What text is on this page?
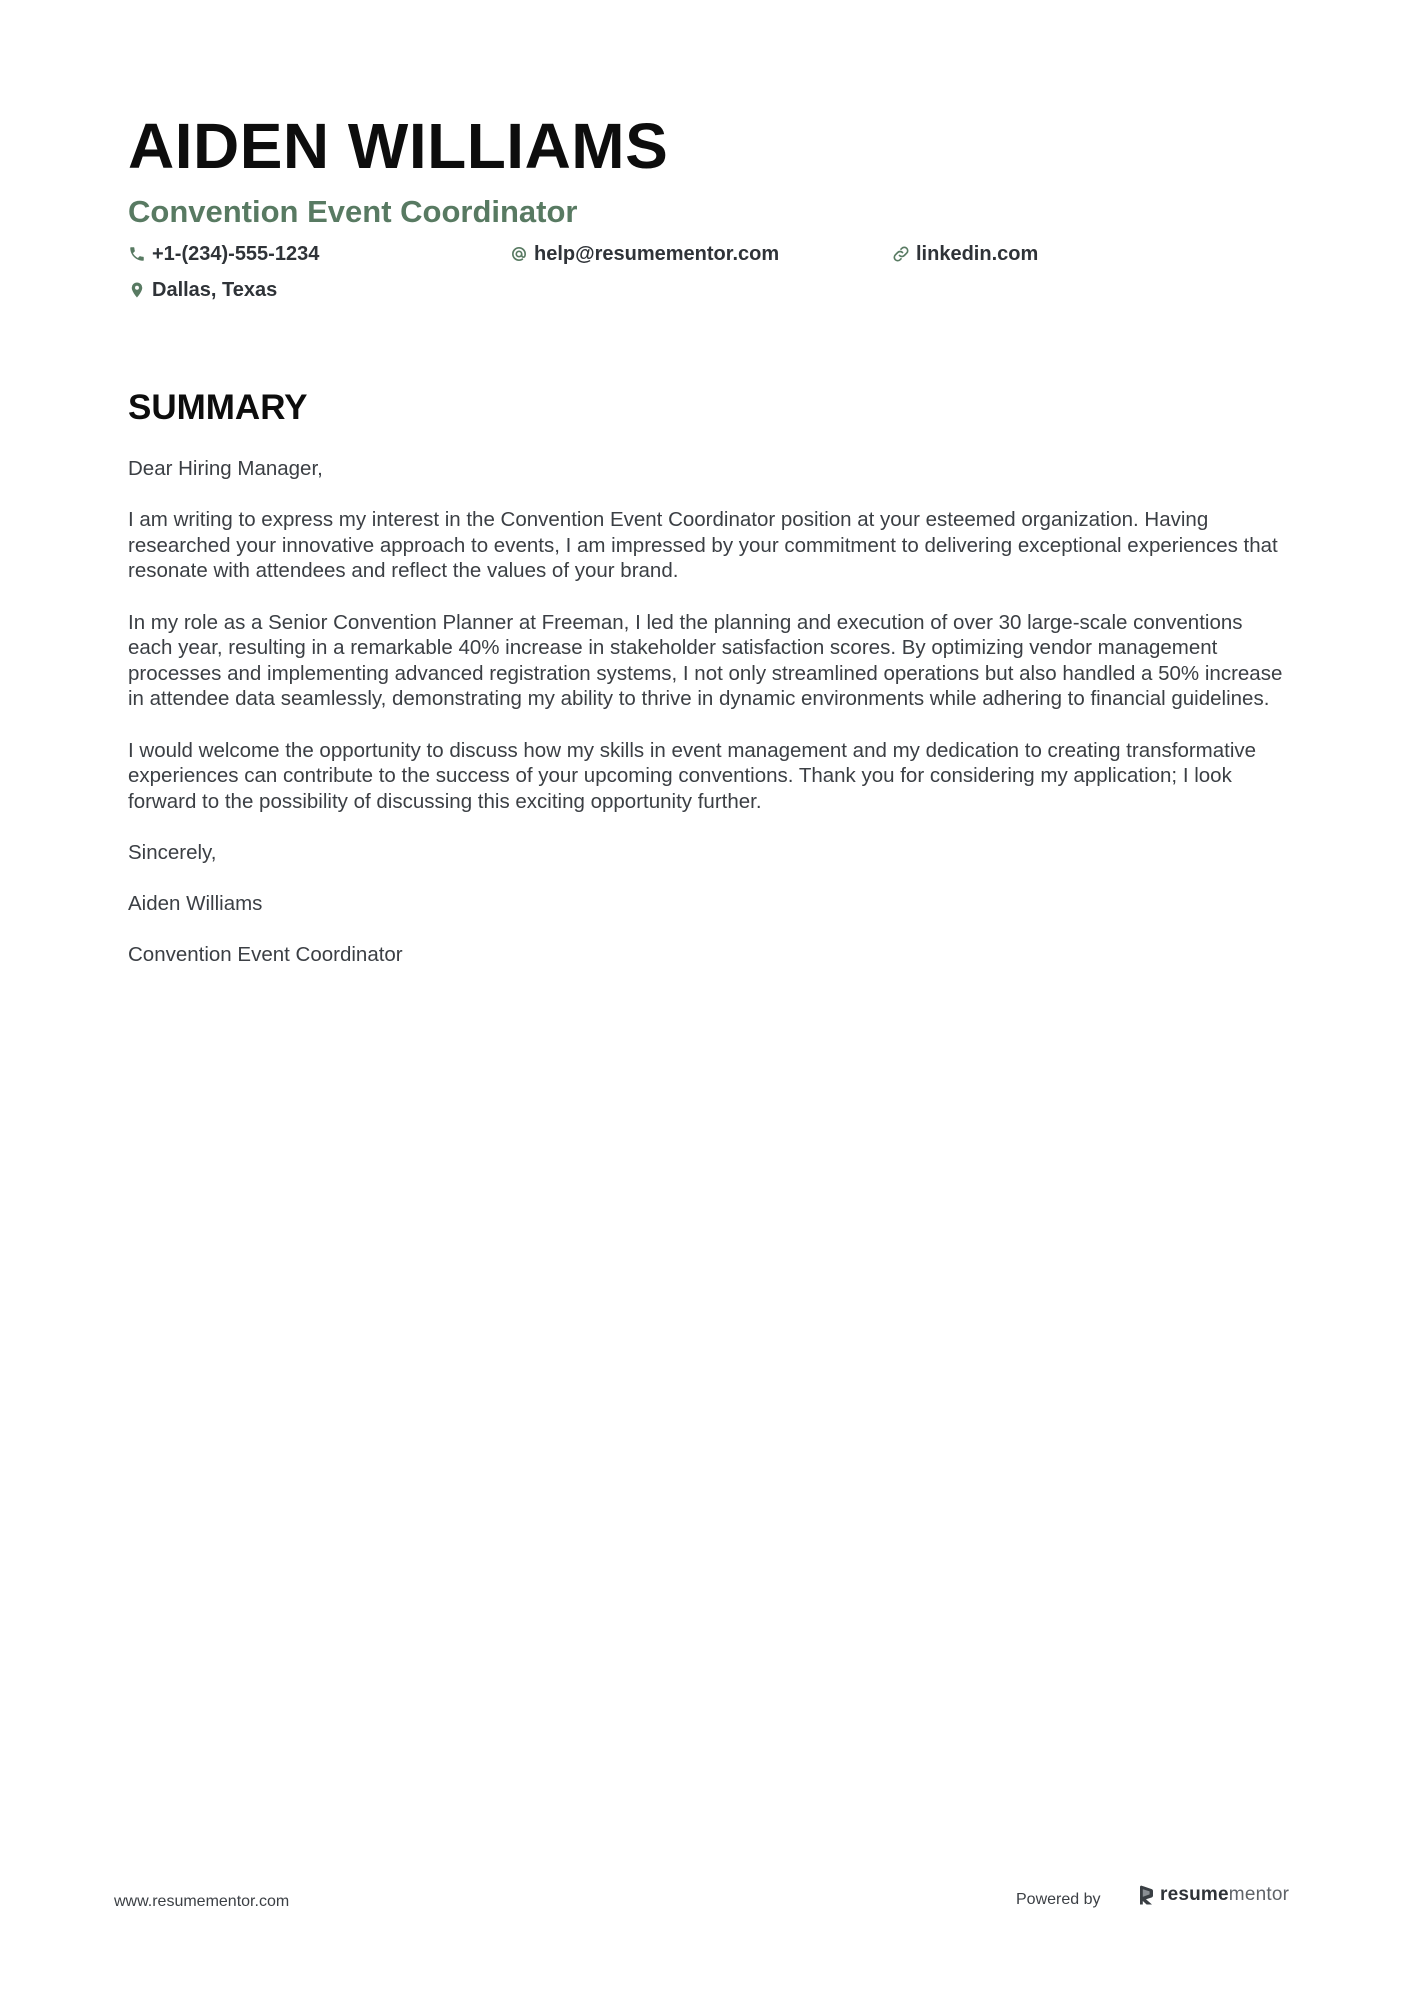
AIDEN WILLIAMS
Convention Event Coordinator
+1-(234)-555-1234	help@resumementor.com	linkedin.com
Dallas, Texas
SUMMARY

Dear Hiring Manager,

I am writing to express my interest in the Convention Event Coordinator position at your esteemed organization. Having researched your innovative approach to events, I am impressed by your commitment to delivering exceptional experiences that resonate with attendees and reflect the values of your brand.

In my role as a Senior Convention Planner at Freeman, I led the planning and execution of over 30 large-scale conventions each year, resulting in a remarkable 40% increase in stakeholder satisfaction scores. By optimizing vendor management processes and implementing advanced registration systems, I not only streamlined operations but also handled a 50% increase in attendee data seamlessly, demonstrating my ability to thrive in dynamic environments while adhering to financial guidelines.

I would welcome the opportunity to discuss how my skills in event management and my dedication to creating transformative experiences can contribute to the success of your upcoming conventions. Thank you for considering my application; I look forward to the possibility of discussing this exciting opportunity further.

Sincerely,

Aiden Williams

Convention Event Coordinator

www.resumementor.com	Powered by	resumementor
